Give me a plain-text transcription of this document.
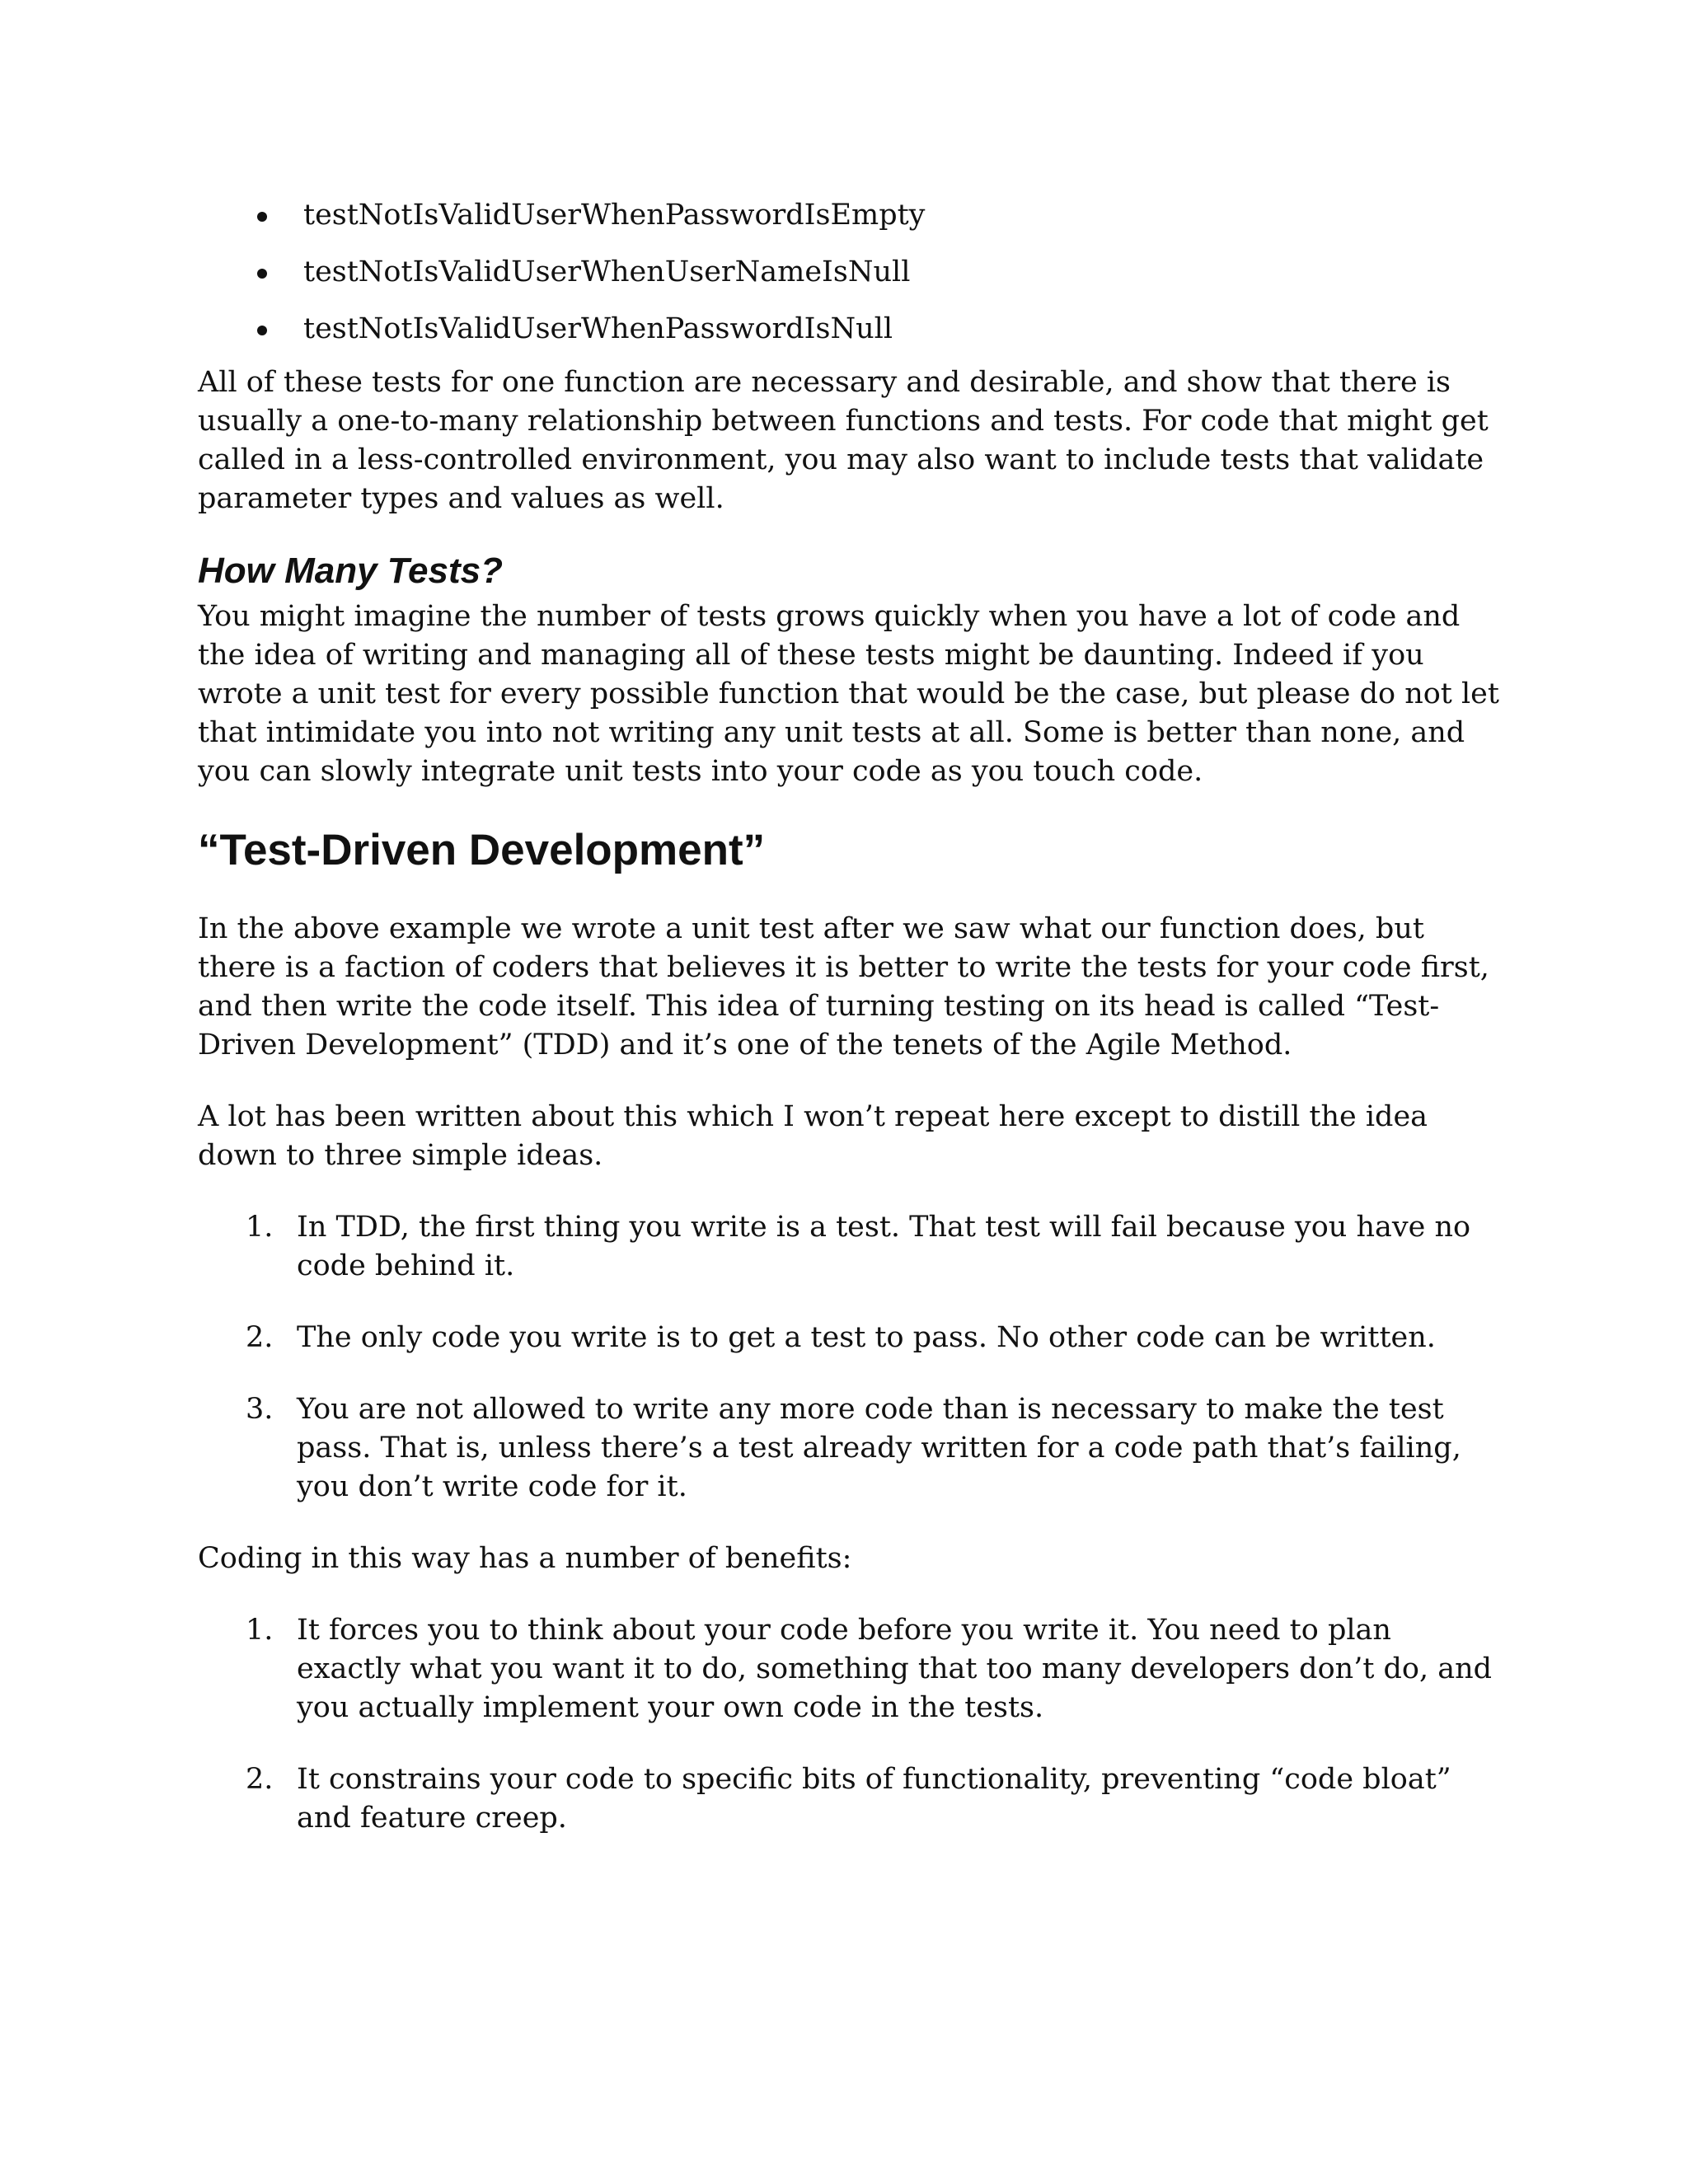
testNotIsValidUserWhenPasswordIsEmpty
testNotIsValidUserWhenUserNameIsNull
testNotIsValidUserWhenPasswordIsNull

All of these tests for one function are necessary and desirable, and show that there is usually a one-to-many relationship between functions and tests. For code that might get called in a less-controlled environment, you may also want to include tests that validate parameter types and values as well.

How Many Tests?

You might imagine the number of tests grows quickly when you have a lot of code and the idea of writing and managing all of these tests might be daunting. Indeed if you wrote a unit test for every possible function that would be the case, but please do not let that intimidate you into not writing any unit tests at all. Some is better than none, and you can slowly integrate unit tests into your code as you touch code.

“Test-Driven Development”

In the above example we wrote a unit test after we saw what our function does, but there is a faction of coders that believes it is better to write the tests for your code first, and then write the code itself. This idea of turning testing on its head is called “Test-Driven Development” (TDD) and it’s one of the tenets of the Agile Method.

A lot has been written about this which I won’t repeat here except to distill the idea down to three simple ideas.

1. In TDD, the first thing you write is a test. That test will fail because you have no code behind it.
2. The only code you write is to get a test to pass. No other code can be written.
3. You are not allowed to write any more code than is necessary to make the test pass. That is, unless there’s a test already written for a code path that’s failing, you don’t write code for it.

Coding in this way has a number of benefits:

1. It forces you to think about your code before you write it. You need to plan exactly what you want it to do, something that too many developers don’t do, and you actually implement your own code in the tests.
2. It constrains your code to specific bits of functionality, preventing “code bloat” and feature creep.
